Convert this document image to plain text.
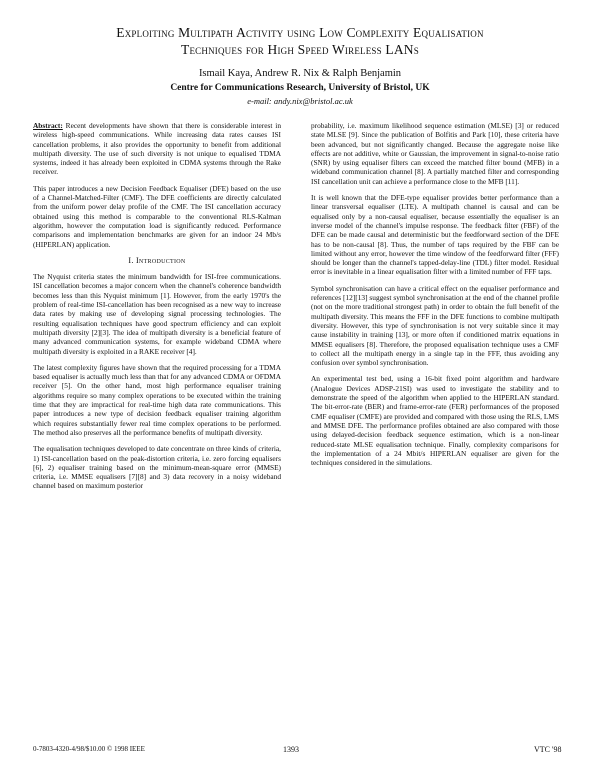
Exploiting Multipath Activity using Low Complexity Equalisation
Techniques for High Speed Wireless LANs
Ismail Kaya, Andrew R. Nix & Ralph Benjamin
Centre for Communications Research, University of Bristol, UK
e-mail: andy.nix@bristol.ac.uk

Abstract: Recent developments have shown that there is considerable interest in wireless high-speed communications. While increasing data rates causes ISI cancellation problems, it also provides the opportunity to benefit from additional multipath diversity. The use of such diversity is not unique to equalised TDMA systems, indeed it has already been exploited in CDMA systems through the Rake receiver.

This paper introduces a new Decision Feedback Equaliser (DFE) based on the use of a Channel-Matched-Filter (CMF). The DFE coefficients are directly calculated from the uniform power delay profile of the CMF. The ISI cancellation accuracy obtained using this method is comparable to the conventional RLS-Kalman algorithm, however the computation load is significantly reduced. Performance comparisons and implementation benchmarks are given for an indoor 24 Mb/s (HIPERLAN) application.

I. Introduction

The Nyquist criteria states the minimum bandwidth for ISI-free communications. ISI cancellation becomes a major concern when the channel's coherence bandwidth becomes less than this Nyquist minimum [1]. However, from the early 1970's the problem of real-time ISI-cancellation has been recognised as a new way to increase data rates by making use of developing signal processing technologies. The resulting equalisation techniques have good spectrum efficiency and can exploit multipath diversity [2][3]. The idea of multipath diversity is a beneficial feature of many advanced communication systems, for example wideband CDMA where multipath diversity is exploited in a RAKE receiver [4].

The latest complexity figures have shown that the required processing for a TDMA based equaliser is actually much less than that for any advanced CDMA or OFDMA receiver [5]. On the other hand, most high performance equaliser training algorithms require so many complex operations to be executed within the training time that they are impractical for real-time high data rate communications. This paper introduces a new type of decision feedback equaliser training algorithm which requires substantially fewer real time complex operations to be performed. The method also preserves all the performance benefits of multipath diversity.

The equalisation techniques developed to date concentrate on three kinds of criteria, 1) ISI-cancellation based on the peak-distortion criteria, i.e. zero forcing equalisers [6], 2) equaliser training based on the minimum-mean-square error (MMSE) criteria, i.e. MMSE equalisers [7][8] and 3) data recovery in a noisy wideband channel based on maximum posterior

probability, i.e. maximum likelihood sequence estimation (MLSE) [3] or reduced state MLSE [9]. Since the publication of Bolfitis and Park [10], these criteria have been advanced, but not significantly changed. Because the aggregate noise like effects are not additive, white or Gaussian, the improvement in signal-to-noise ratio (SNR) by using equaliser filters can exceed the matched filter bound (MFB) in a wideband communication channel [8]. A partially matched filter and corresponding ISI cancellation unit can achieve a performance close to the MFB [11].

It is well known that the DFE-type equaliser provides better performance than a linear transversal equaliser (LTE). A multipath channel is causal and can be equalised only by a non-causal equaliser, because essentially the equaliser is an inverse model of the channel's impulse response. The feedback filter (FBF) of the DFE can be made causal and deterministic but the feedforward section of the DFE has to be non-causal [8]. Thus, the number of taps required by the FBF can be limited without any error, however the time window of the feedforward filter (FFF) should be longer than the channel's tapped-delay-line (TDL) filter model. Residual error is inevitable in a linear equalisation filter with a limited number of FFF taps.

Symbol synchronisation can have a critical effect on the equaliser performance and references [12][13] suggest symbol synchronisation at the end of the channel profile (not on the more traditional strongest path) in order to obtain the full benefit of the multipath diversity. This means the FFF in the DFE functions to combine multipath diversity. However, this type of synchronisation is not very suitable since it may cause instability in training [13], or more often if conditioned matrix equations in MMSE equalisers [8]. Therefore, the proposed equalisation technique uses a CMF to collect all the multipath energy in a single tap in the FFF, thus avoiding any confusion over symbol synchronisation.

An experimental test bed, using a 16-bit fixed point algorithm and hardware (Analogue Devices ADSP-21SI) was used to investigate the stability and to demonstrate the speed of the algorithm when applied to the HIPERLAN standard. The bit-error-rate (BER) and frame-error-rate (FER) performances of the proposed CMF equaliser (CMFE) are provided and compared with those using the RLS, LMS and MMSE DFE. The performance profiles obtained are also compared with those using delayed-decision feedback sequence estimation, which is a non-linear reduced-state MLSE equalisation technique. Finally, complexity comparisons for the implementation of a 24 Mbit/s HIPERLAN equaliser are given for the techniques considered in the simulations.

0-7803-4320-4/98/$10.00 © 1998 IEEE	1393	VTC '98
